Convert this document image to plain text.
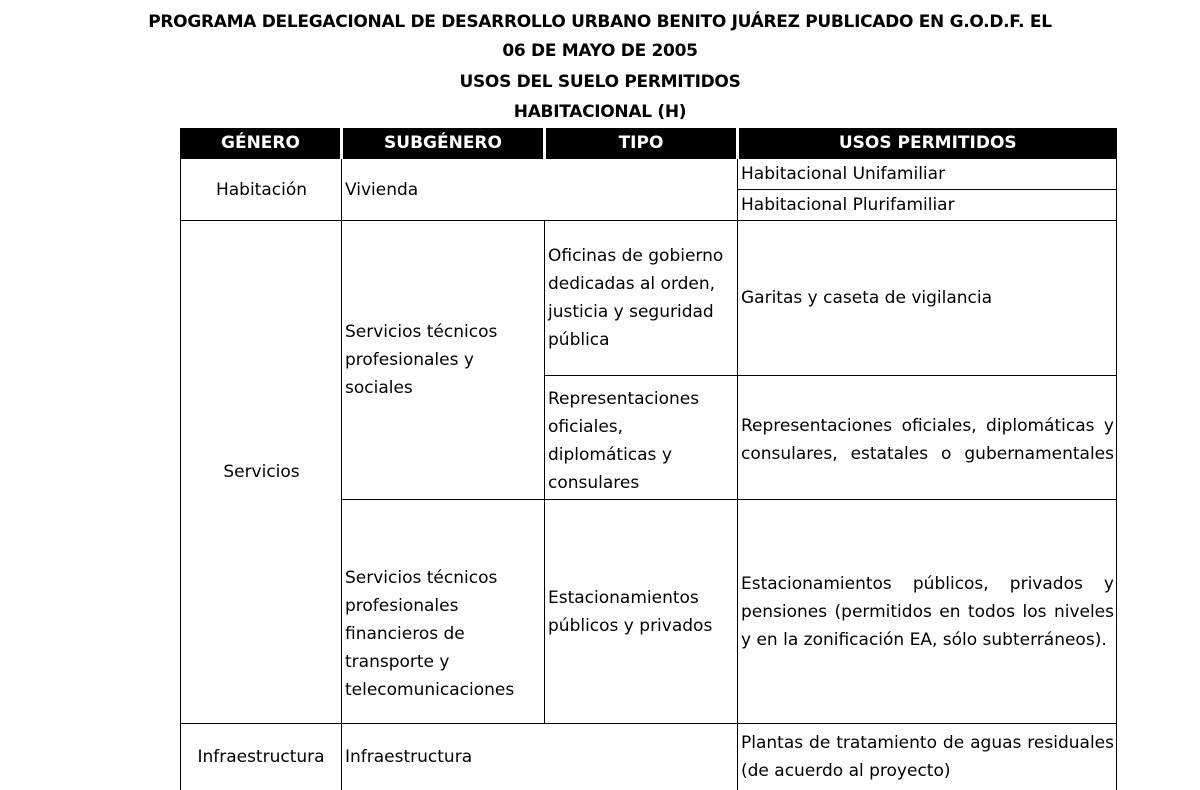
PROGRAMA DELEGACIONAL DE DESARROLLO URBANO BENITO JUÁREZ PUBLICADO EN G.O.D.F. EL
06 DE MAYO DE 2005
USOS DEL SUELO PERMITIDOS
HABITACIONAL (H)
GÉNERO	SUBGÉNERO	TIPO	USOS PERMITIDOS
Habitación	Vivienda		Habitacional Unifamiliar
			Habitacional Plurifamiliar
Servicios	Servicios técnicos profesionales y sociales	Oficinas de gobierno dedicadas al orden, justicia y seguridad pública	Garitas y caseta de vigilancia
		Representaciones oficiales, diplomáticas y consulares	Representaciones oficiales, diplomáticas y consulares, estatales o gubernamentales

	Servicios técnicos profesionales financieros de transporte y telecomunicaciones	Estacionamientos públicos y privados	Estacionamientos públicos, privados y pensiones (permitidos en todos los niveles y en la zonificación EA, sólo subterráneos).
Infraestructura	Infraestructura		Plantas de tratamiento de aguas residuales (de acuerdo al proyecto)
